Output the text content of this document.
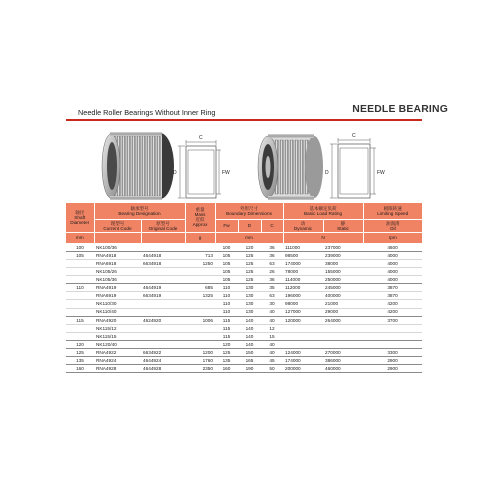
Needle Roller Bearings Without Inner Ring	NEEDLE BEARING
C
D	FW
C
D	FW
轴径
Shaft Diameter	轴承型号
Bearing Designation		重量
Mass
近似
Approx	外形尺寸
Boundary Dimensions			基本额定负荷
Basic Load Rating		极限转速
Limiting Speed

	现型号
Current Code	原型号
Original Code		Fw	D	C	动
Dynamic	静
Static	油润滑
Oil
mm			g	mm			N		rpm
100	NK100/36			100	120	36	111000	237000	4600
105	RNA4918	4644918	713	105	125	36	98500	239000	4000
	RNA6918	6634918	1250	105	125	63	174000	38000	4000
	NK105/26			105	125	26	78000	155000	4000
	NK105/36			105	125	36	114000	250000	4000
110	RNA4919	4644919	685	110	130	35	112000	245000	3870
	RNA6919	6634919	1325	110	130	63	196000	400000	3870
	NK110/30			110	130	30	98000	21000	4200
	NK110/40			110	130	40	127000	29000	4200
115	RNA4920	4624920	1006	115	140	40	120000	264000	3700
	NK115/12			115	140	12			
	NK115/15			115	140	15			
120	NK120/40			120	140	40			
125	RNA4922	6634922	1200	125	150	40	124000	270000	3300
135	RNA4924	4644924	1760	135	165	45	174000	386000	2900
160	RNA4928	4644928	2350	160	190	50	200000	460000	2900
